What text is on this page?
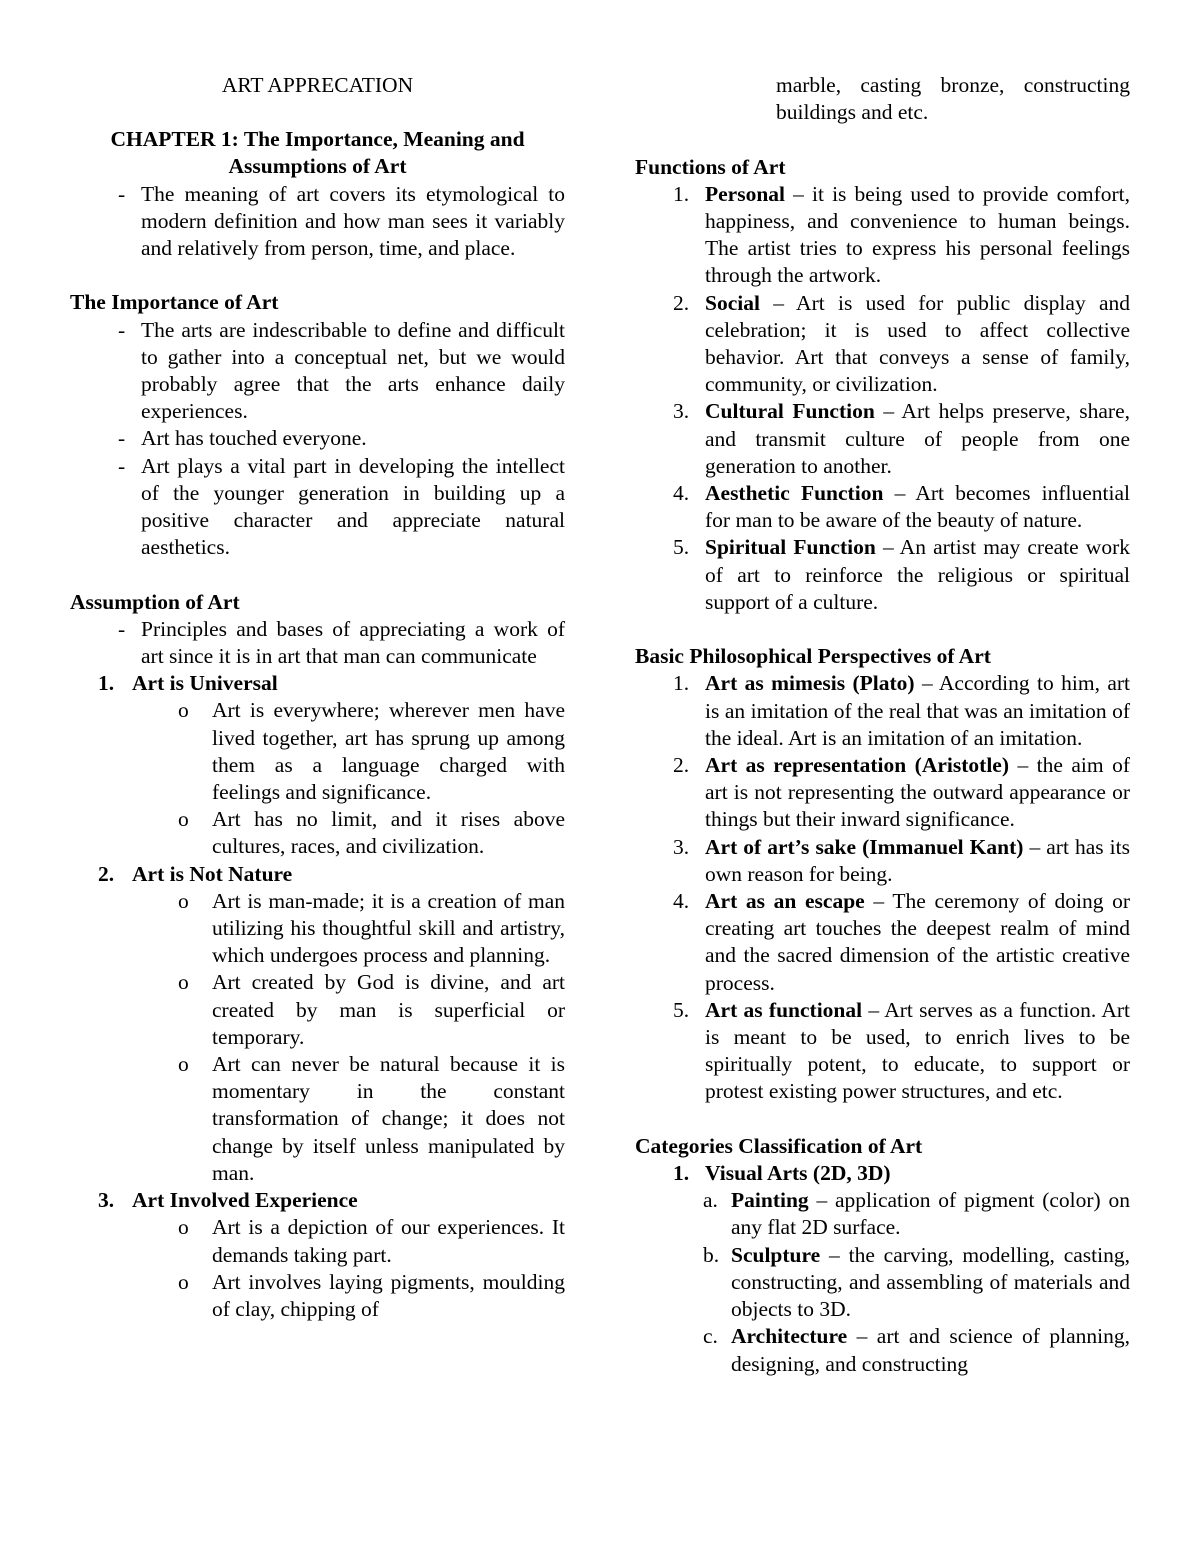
ART APPRECATION

CHAPTER 1: The Importance, Meaning and Assumptions of Art

- The meaning of art covers its etymological to modern definition and how man sees it variably and relatively from person, time, and place.

The Importance of Art

- The arts are indescribable to define and difficult to gather into a conceptual net, but we would probably agree that the arts enhance daily experiences.
- Art has touched everyone.
- Art plays a vital part in developing the intellect of the younger generation in building up a positive character and appreciate natural aesthetics.

Assumption of Art

- Principles and bases of appreciating a work of art since it is in art that man can communicate
1. Art is Universal
o Art is everywhere; wherever men have lived together, art has sprung up among them as a language charged with feelings and significance.
o Art has no limit, and it rises above cultures, races, and civilization.
2. Art is Not Nature
o Art is man-made; it is a creation of man utilizing his thoughtful skill and artistry, which undergoes process and planning.
o Art created by God is divine, and art created by man is superficial or temporary.
o Art can never be natural because it is momentary in the constant transformation of change; it does not change by itself unless manipulated by man.
3. Art Involved Experience
o Art is a depiction of our experiences. It demands taking part.
o Art involves laying pigments, moulding of clay, chipping of

marble, casting bronze, constructing buildings and etc.

Functions of Art

1. Personal – it is being used to provide comfort, happiness, and convenience to human beings. The artist tries to express his personal feelings through the artwork.
2. Social – Art is used for public display and celebration; it is used to affect collective behavior. Art that conveys a sense of family, community, or civilization.
3. Cultural Function – Art helps preserve, share, and transmit culture of people from one generation to another.
4. Aesthetic Function – Art becomes influential for man to be aware of the beauty of nature.
5. Spiritual Function – An artist may create work of art to reinforce the religious or spiritual support of a culture.

Basic Philosophical Perspectives of Art

1. Art as mimesis (Plato) – According to him, art is an imitation of the real that was an imitation of the ideal. Art is an imitation of an imitation.
2. Art as representation (Aristotle) – the aim of art is not representing the outward appearance or things but their inward significance.
3. Art of art’s sake (Immanuel Kant) – art has its own reason for being.
4. Art as an escape – The ceremony of doing or creating art touches the deepest realm of mind and the sacred dimension of the artistic creative process.
5. Art as functional – Art serves as a function. Art is meant to be used, to enrich lives to be spiritually potent, to educate, to support or protest existing power structures, and etc.

Categories Classification of Art

1. Visual Arts (2D, 3D)
a. Painting – application of pigment (color) on any flat 2D surface.
b. Sculpture – the carving, modelling, casting, constructing, and assembling of materials and objects to 3D.
c. Architecture – art and science of planning, designing, and constructing
